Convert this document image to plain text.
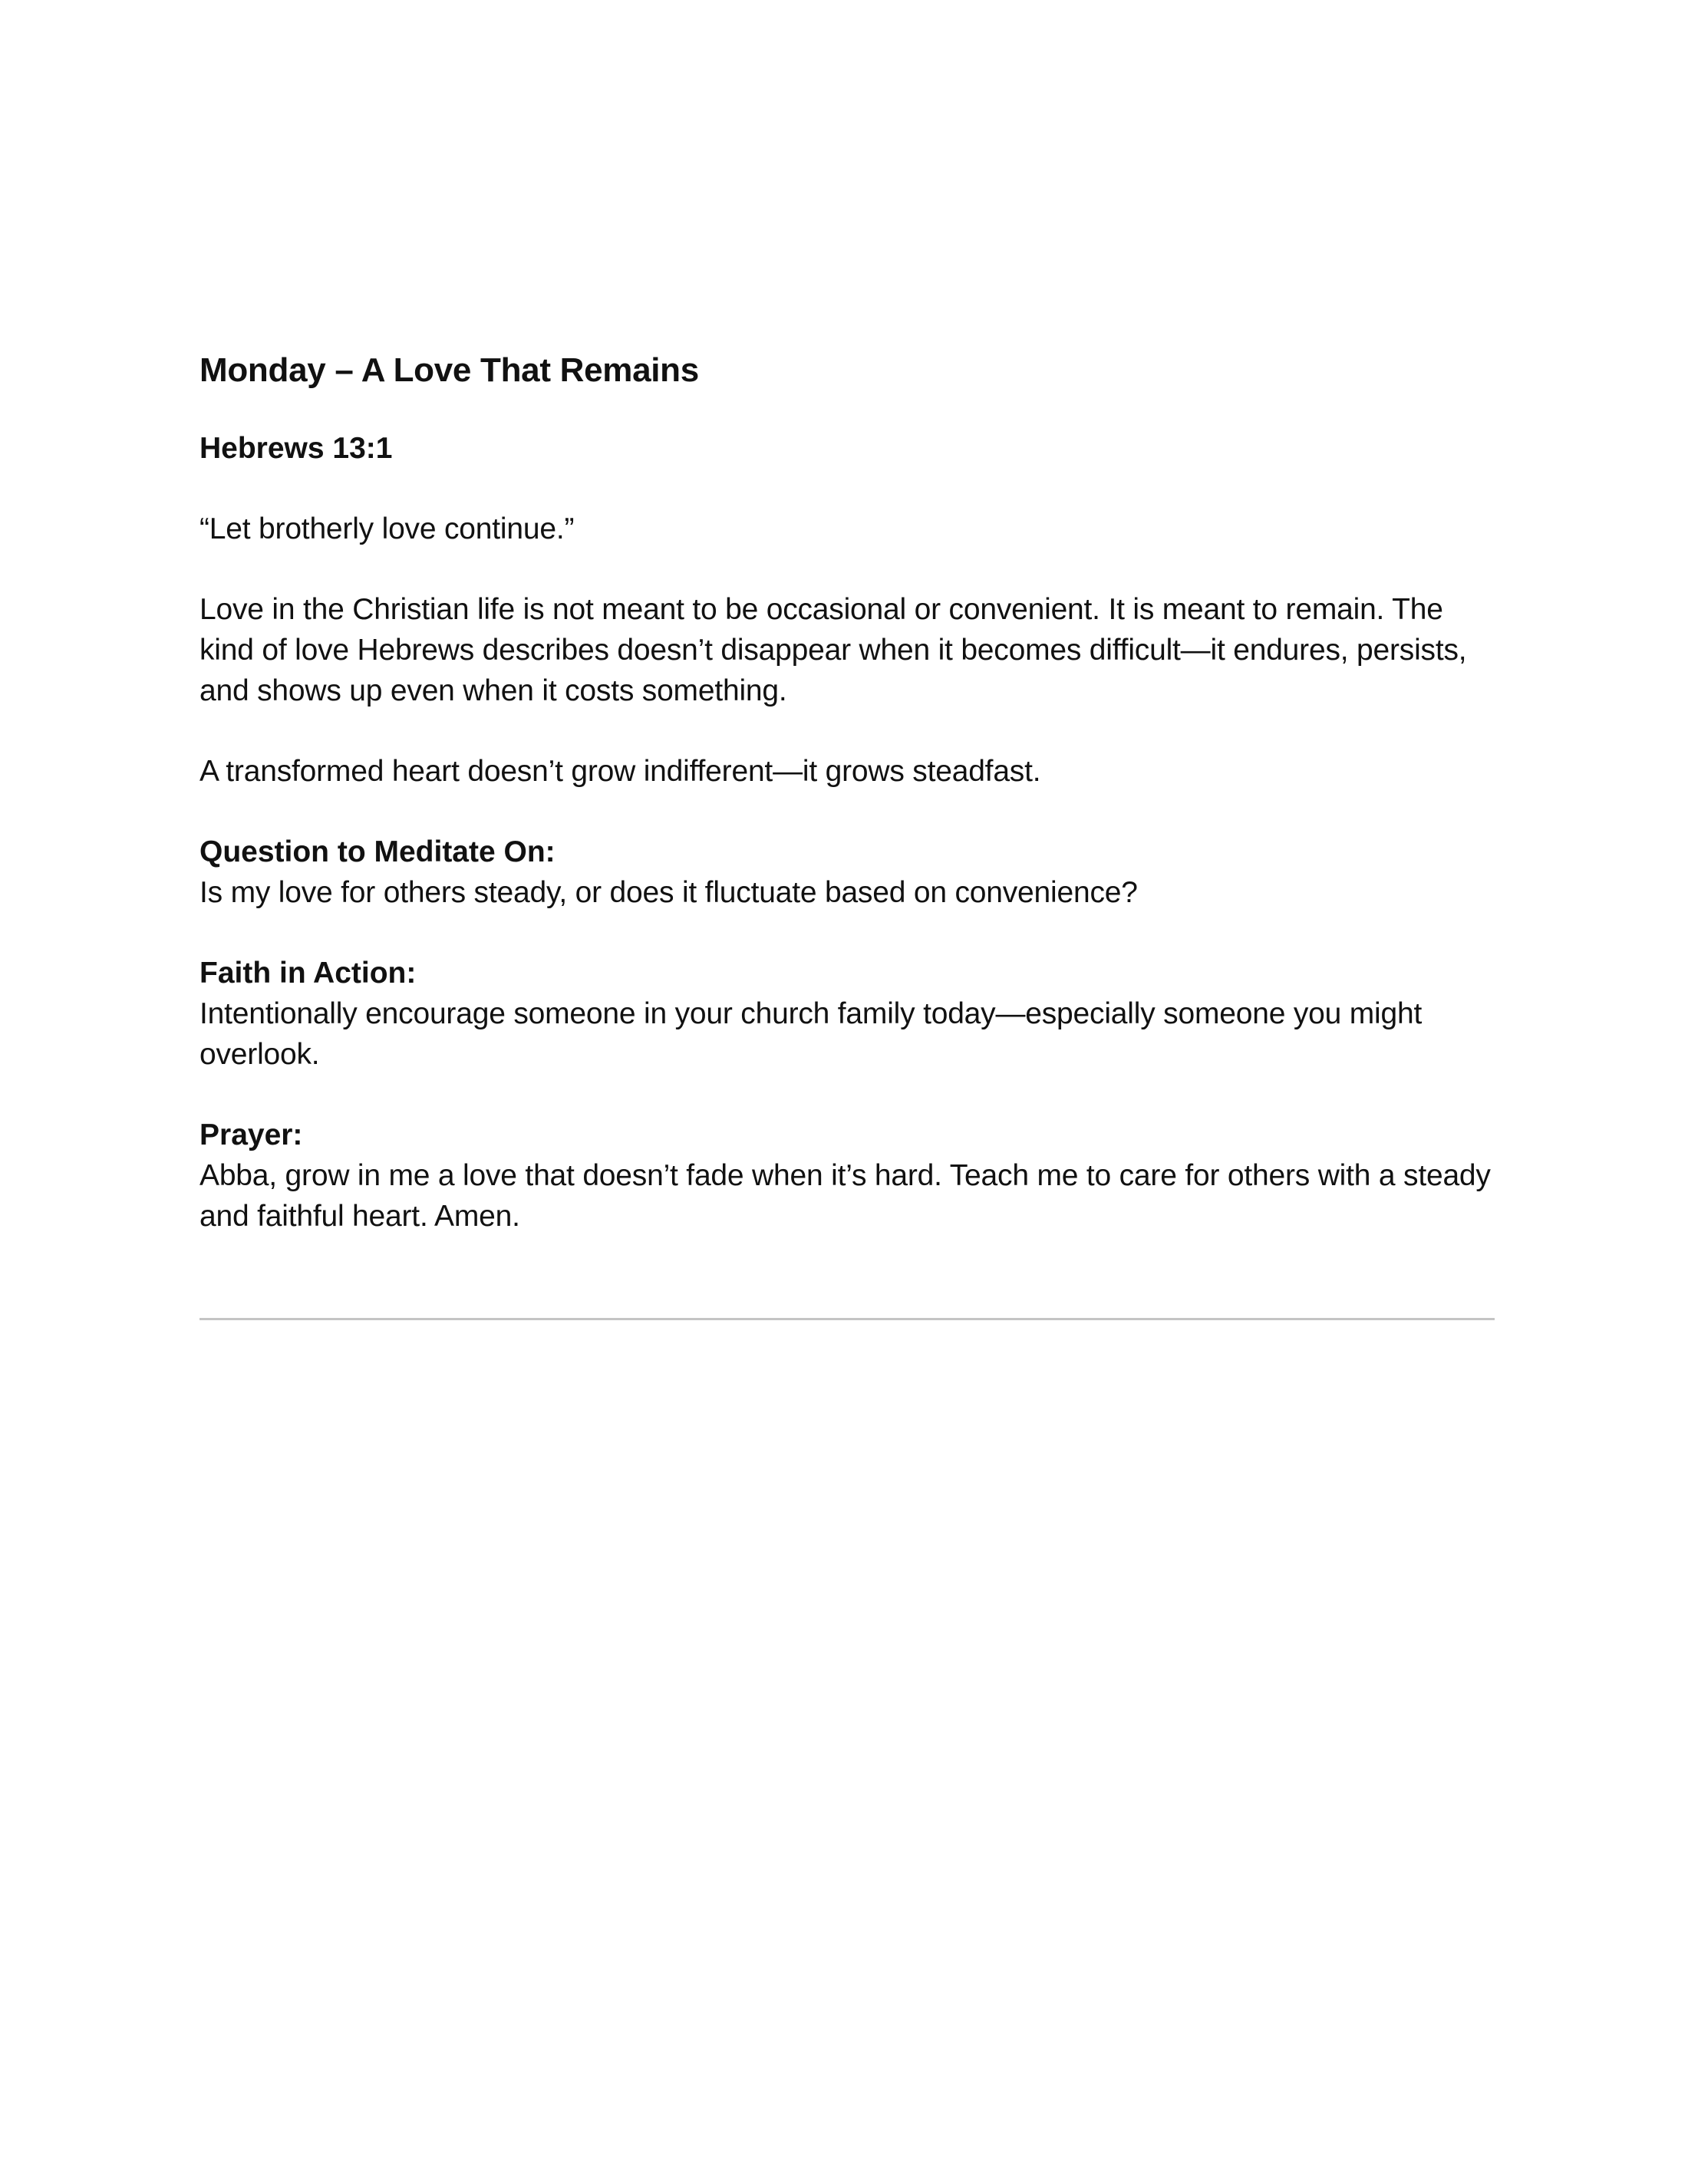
Monday – A Love That Remains

Hebrews 13:1

“Let brotherly love continue.”

Love in the Christian life is not meant to be occasional or convenient. It is meant to remain. The kind of love Hebrews describes doesn’t disappear when it becomes difficult—it endures, persists, and shows up even when it costs something.

A transformed heart doesn’t grow indifferent—it grows steadfast.

Question to Meditate On:

Is my love for others steady, or does it fluctuate based on convenience?

Faith in Action:

Intentionally encourage someone in your church family today—especially someone you might overlook.

Prayer:

Abba, grow in me a love that doesn’t fade when it’s hard. Teach me to care for others with a steady and faithful heart. Amen.
